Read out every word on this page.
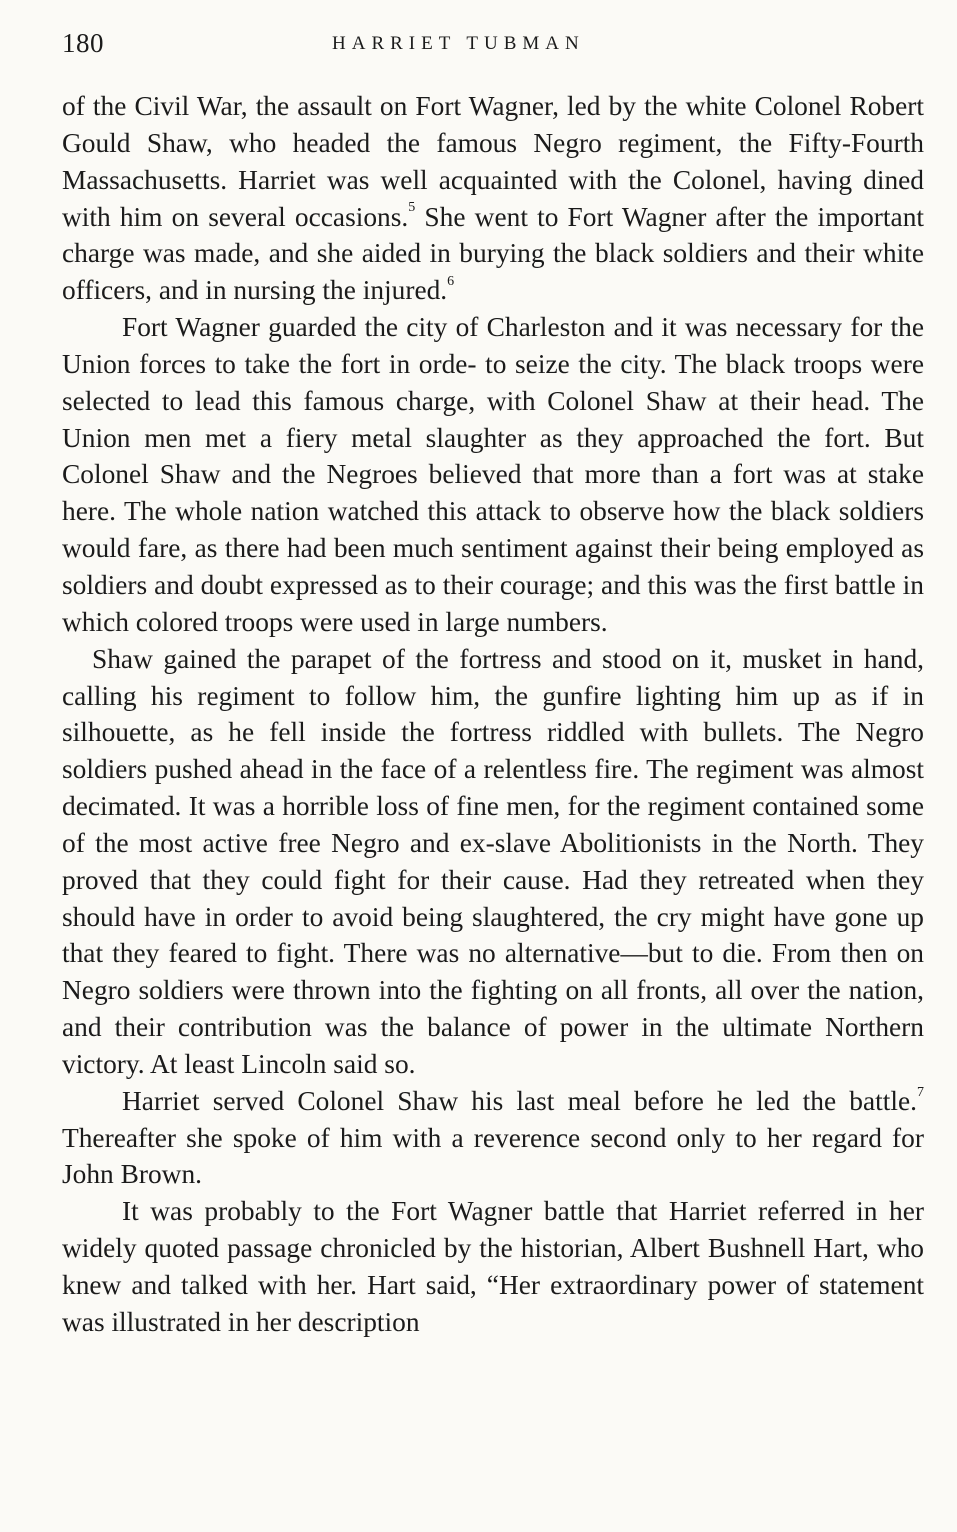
180	HARRIET TUBMAN

of the Civil War, the assault on Fort Wagner, led by the white Colonel Robert Gould Shaw, who headed the famous Negro regiment, the Fifty-Fourth Massachusetts. Harriet was well acquainted with the Colonel, having dined with him on several occasions.$^5$ She went to Fort Wagner after the important charge was made, and she aided in burying the black soldiers and their white officers, and in nursing the injured.$^6$

Fort Wagner guarded the city of Charleston and it was necessary for the Union forces to take the fort in orde- to seize the city. The black troops were selected to lead this famous charge, with Colonel Shaw at their head. The Union men met a fiery metal slaughter as they approached the fort. But Colonel Shaw and the Negroes believed that more than a fort was at stake here. The whole nation watched this attack to observe how the black soldiers would fare, as there had been much sentiment against their being employed as soldiers and doubt expressed as to their courage; and this was the first battle in which colored troops were used in large numbers.

Shaw gained the parapet of the fortress and stood on it, musket in hand, calling his regiment to follow him, the gunfire lighting him up as if in silhouette, as he fell inside the fortress riddled with bullets. The Negro soldiers pushed ahead in the face of a relentless fire. The regiment was almost decimated. It was a horrible loss of fine men, for the regiment contained some of the most active free Negro and ex-slave Abolitionists in the North. They proved that they could fight for their cause. Had they retreated when they should have in order to avoid being slaughtered, the cry might have gone up that they feared to fight. There was no alternative—but to die. From then on Negro soldiers were thrown into the fighting on all fronts, all over the nation, and their contribution was the balance of power in the ultimate Northern victory. At least Lincoln said so.

Harriet served Colonel Shaw his last meal before he led the battle.$^7$ Thereafter she spoke of him with a reverence second only to her regard for John Brown.

It was probably to the Fort Wagner battle that Harriet referred in her widely quoted passage chronicled by the historian, Albert Bushnell Hart, who knew and talked with her. Hart said, “Her extraordinary power of statement was illustrated in her description
